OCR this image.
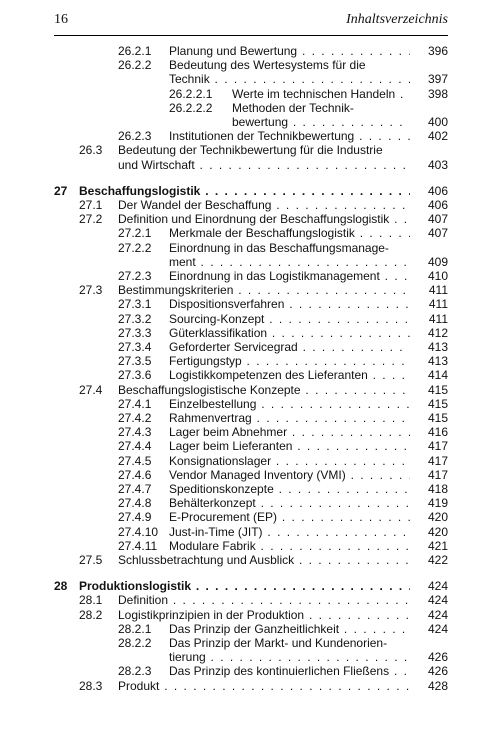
16	Inhaltsverzeichnis
26.2.1 Planung und Bewertung . . .	396
26.2.2 Bedeutung des Wertesystems für die
Technik . . .	397
26.2.2.1 Werte im technischen Handeln . . .	398
26.2.2.2 Methoden der Technik-
bewertung . . .	400
26.2.3 Institutionen der Technikbewertung . . .	402
26.3 Bedeutung der Technikbewertung für die Industrie
und Wirtschaft . . .	403
27 Beschaffungslogistik . . .	406
27.1 Der Wandel der Beschaffung . . .	406
27.2 Definition und Einordnung der Beschaffungslogistik . . .	407
27.2.1 Merkmale der Beschaffungslogistik . . .	407
27.2.2 Einordnung in das Beschaffungsmanage-
ment . . .	409
27.2.3 Einordnung in das Logistikmanagement . . .	410
27.3 Bestimmungskriterien . . .	411
27.3.1 Dispositionsverfahren . . .	411
27.3.2 Sourcing-Konzept . . .	411
27.3.3 Güterklassifikation . . .	412
27.3.4 Geforderter Servicegrad . . .	413
27.3.5 Fertigungstyp . . .	413
27.3.6 Logistikkompetenzen des Lieferanten . . .	414
27.4 Beschaffungslogistische Konzepte . . .	415
27.4.1 Einzelbestellung . . .	415
27.4.2 Rahmenvertrag . . .	415
27.4.3 Lager beim Abnehmer . . .	416
27.4.4 Lager beim Lieferanten . . .	417
27.4.5 Konsignationslager . . .	417
27.4.6 Vendor Managed Inventory (VMI) . . .	417
27.4.7 Speditionskonzepte . . .	418
27.4.8 Behälterkonzept . . .	419
27.4.9 E-Procurement (EP) . . .	420
27.4.10 Just-in-Time (JIT) . . .	420
27.4.11 Modulare Fabrik . . .	421
27.5 Schlussbetrachtung und Ausblick . . .	422
28 Produktionslogistik . . .	424
28.1 Definition . . .	424
28.2 Logistikprinzipien in der Produktion . . .	424
28.2.1 Das Prinzip der Ganzheitlichkeit . . .	424
28.2.2 Das Prinzip der Markt- und Kundenorien-
tierung . . .	426
28.2.3 Das Prinzip des kontinuierlichen Fließens . . .	426
28.3 Produkt . . .	428
